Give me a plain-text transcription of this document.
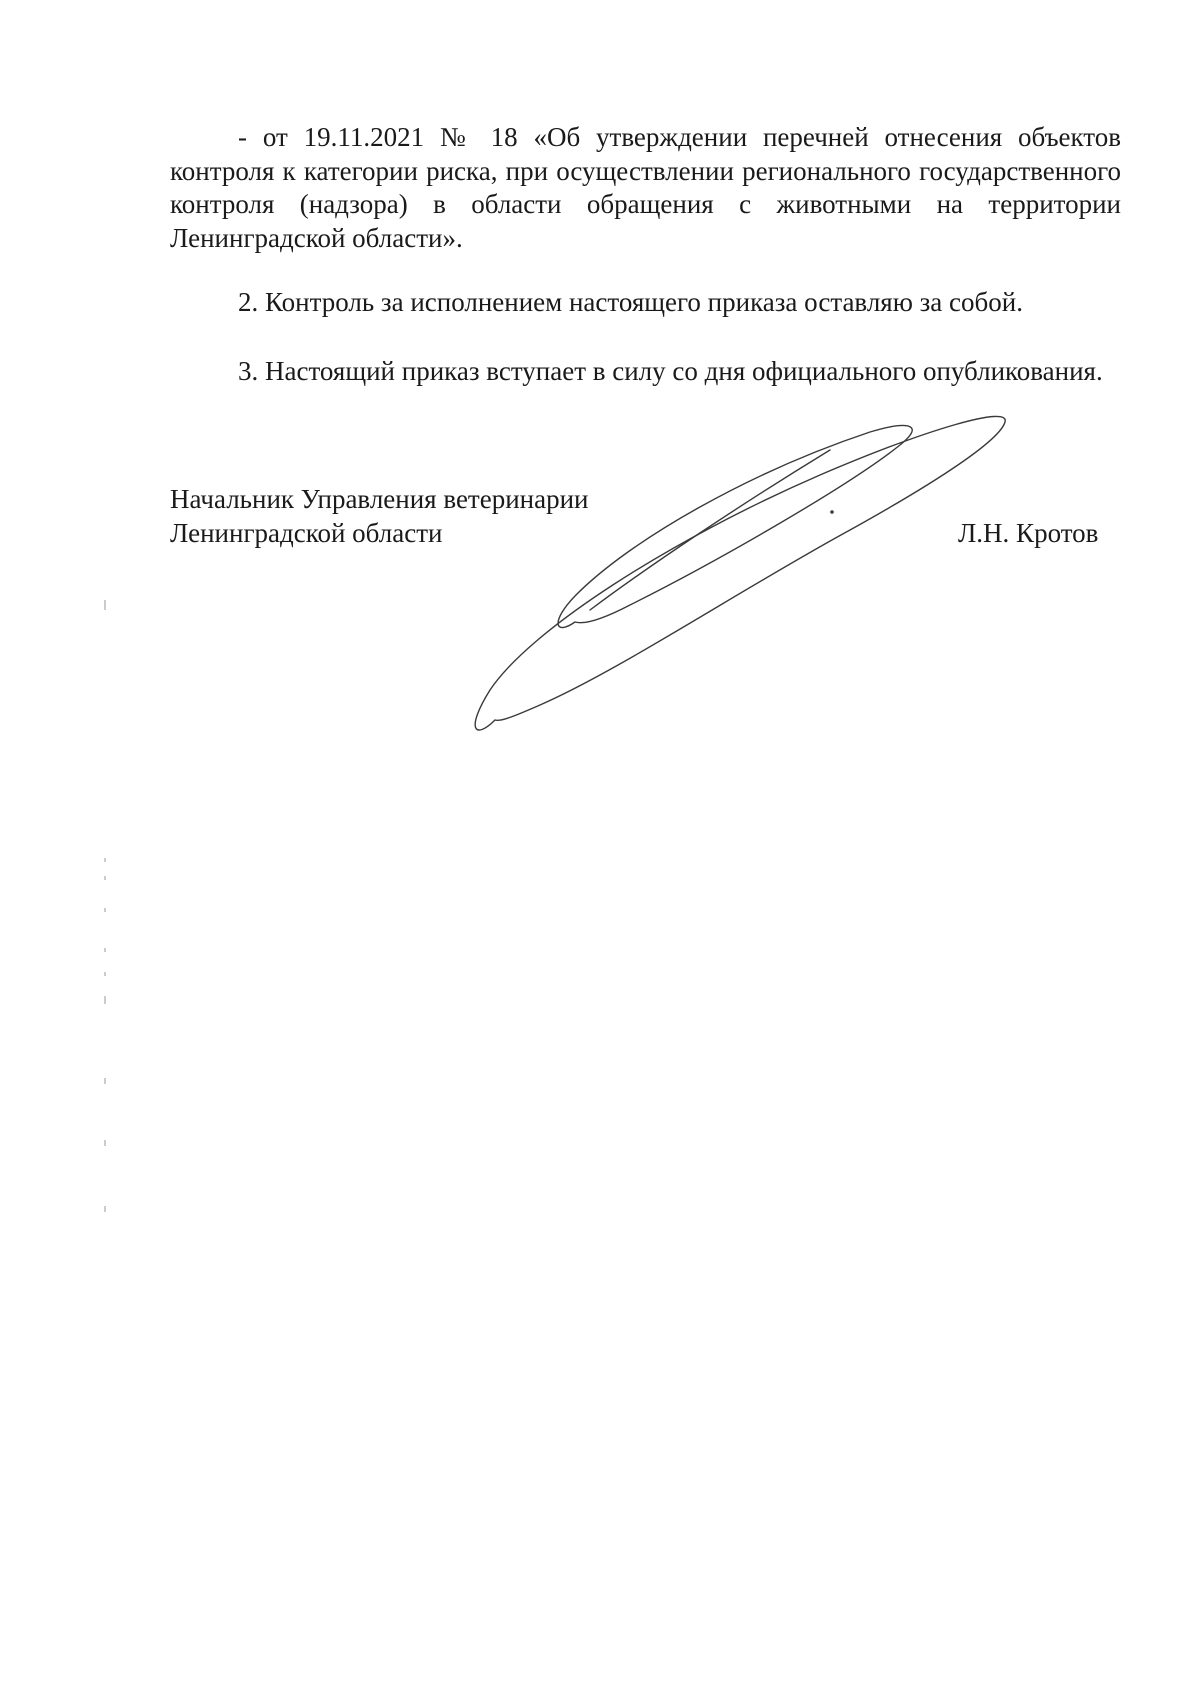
- от 19.11.2021 № 18 «Об утверждении перечней отнесения объектов контроля к категории риска, при осуществлении регионального государственного контроля (надзора) в области обращения с животными на территории Ленинградской области».

2. Контроль за исполнением настоящего приказа оставляю за собой.

3. Настоящий приказ вступает в силу со дня официального опубликования.

Начальник Управления ветеринарии
Ленинградской области	Л.Н. Кротов
